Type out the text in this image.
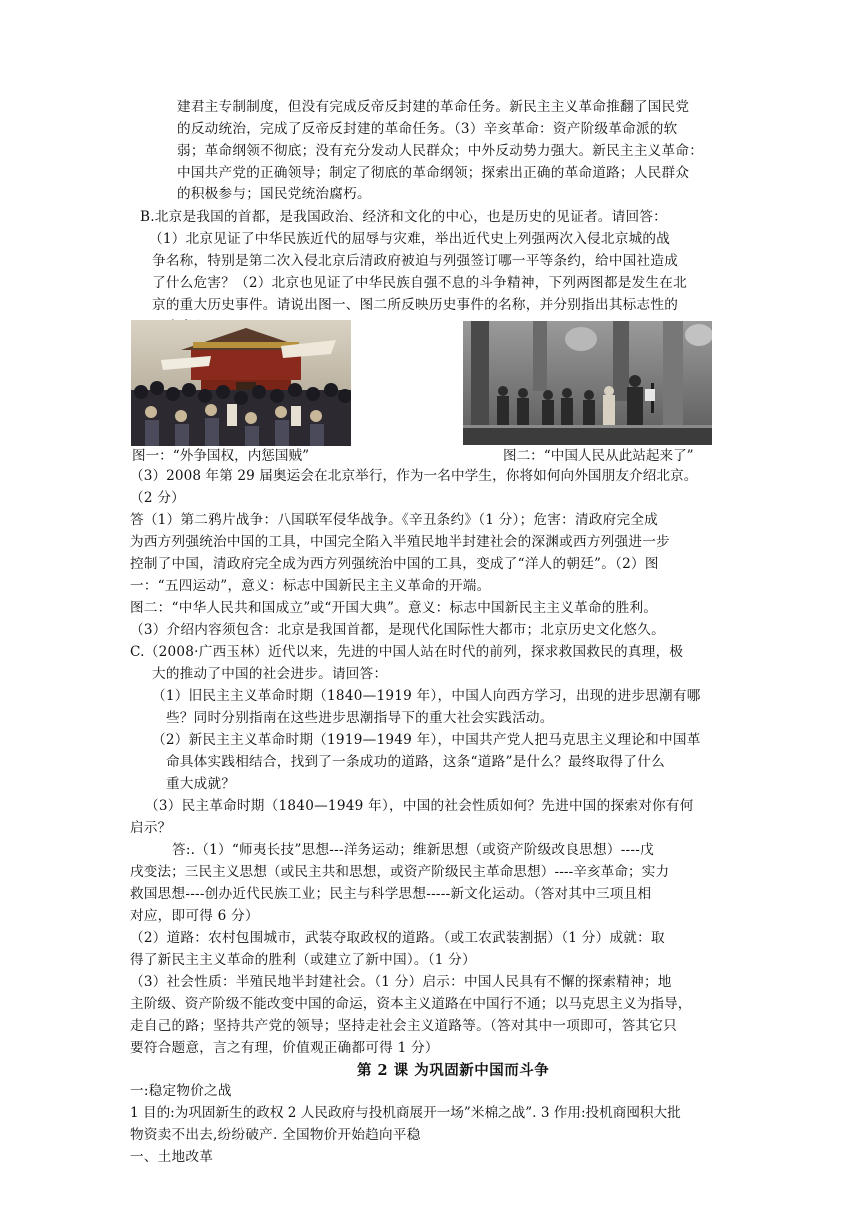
建君主专制制度，但没有完成反帝反封建的革命任务。新民主主义革命推翻了国民党
的反动统治，完成了反帝反封建的革命任务。（3）辛亥革命：资产阶级革命派的软
弱；革命纲领不彻底；没有充分发动人民群众；中外反动势力强大。新民主主义革命：
中国共产党的正确领导；制定了彻底的革命纲领；探索出正确的革命道路；人民群众
的积极参与；国民党统治腐朽。
B.北京是我国的首都，是我国政治、经济和文化的中心，也是历史的见证者。请回答：
（1）北京见证了中华民族近代的屈辱与灾难，举出近代史上列强两次入侵北京城的战
争名称，特别是第二次入侵北京后清政府被迫与列强签订哪一平等条约，给中国社造成
了什么危害？（2）北京也见证了中华民族自强不息的斗争精神，下列两图都是发生在北
京的重大历史事件。请说出图一、图二所反映历史事件的名称，并分别指出其标志性的
图一：“外争国权，内惩国贼”	图二：“中国人民从此站起来了”
（3）2008 年第 29 届奥运会在北京举行，作为一名中学生，你将如何向外国朋友介绍北京。
（2 分）
答（1）第二鸦片战争：八国联军侵华战争。《辛丑条约》（1 分）；危害：清政府完全成
为西方列强统治中国的工具，中国完全陷入半殖民地半封建社会的深渊或西方列强进一步
控制了中国，清政府完全成为西方列强统治中国的工具，变成了“洋人的朝廷”。（2）图
一：“五四运动”，意义：标志中国新民主主义革命的开端。
图二：“中华人民共和国成立”或“开国大典”。意义：标志中国新民主主义革命的胜利。
（3）介绍内容须包含：北京是我国首都，是现代化国际性大都市；北京历史文化悠久。
C.（2008·广西玉林）近代以来，先进的中国人站在时代的前列，探求救国救民的真理，极
大的推动了中国的社会进步。请回答：
（1）旧民主主义革命时期（1840—1919 年），中国人向西方学习，出现的进步思潮有哪
些？同时分别指南在这些进步思潮指导下的重大社会实践活动。
（2）新民主主义革命时期（1919—1949 年），中国共产党人把马克思主义理论和中国革
命具体实践相结合，找到了一条成功的道路，这条“道路”是什么？最终取得了什么
重大成就？
（3）民主革命时期（1840—1949 年），中国的社会性质如何？先进中国的探索对你有何
启示？
答:.（1）“师夷长技”思想---洋务运动；维新思想（或资产阶级改良思想）----戊
戌变法；三民主义思想（或民主共和思想，或资产阶级民主革命思想）----辛亥革命；实力
救国思想----创办近代民族工业；民主与科学思想-----新文化运动。（答对其中三项且相
对应，即可得 6 分）
（2）道路：农村包围城市，武装夺取政权的道路。（或工农武装割据）（1 分）成就：取
得了新民主主义革命的胜利（或建立了新中国）。（1 分）
（3）社会性质：半殖民地半封建社会。（1 分）启示：中国人民具有不懈的探索精神；地
主阶级、资产阶级不能改变中国的命运，资本主义道路在中国行不通；以马克思主义为指导，
走自己的路；坚持共产党的领导；坚持走社会主义道路等。（答对其中一项即可，答其它只
要符合题意，言之有理，价值观正确都可得 1 分）
第 2 课 为巩固新中国而斗争
一:稳定物价之战
1 目的:为巩固新生的政权 2 人民政府与投机商展开一场”米棉之战”. 3 作用:投机商囤积大批
物资卖不出去,纷纷破产. 全国物价开始趋向平稳
一、土地改革
